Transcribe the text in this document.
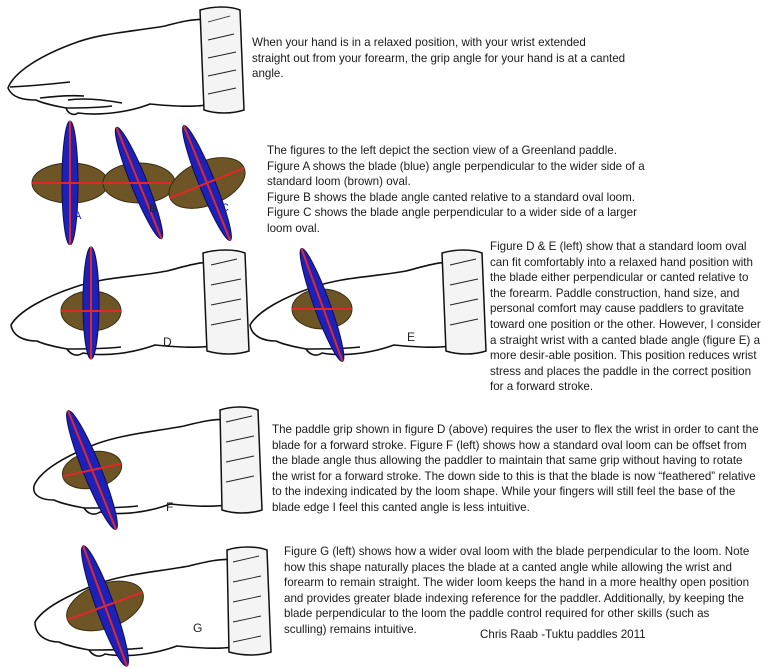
When your hand is in a relaxed position, with your wrist extended straight out from your forearm, the grip angle for your hand is at a canted angle.

The figures to the left depict the section view of a Greenland paddle.

Figure A shows the blade (blue) angle perpendicular to the wider side of a standard loom (brown) oval.

Figure B shows the blade angle canted relative to a standard oval loom.

Figure C shows the blade angle perpendicular to a wider side of a larger loom oval.

Figure D & E (left) show that a standard loom oval can fit comfortably into a relaxed hand position with the blade either perpendicular or canted relative to the forearm. Paddle construction, hand size, and personal comfort may cause paddlers to gravitate toward one position or the other. However, I consider a straight wrist with a canted blade angle (figure E) a more desir-able position. This position reduces wrist stress and places the paddle in the correct position for a forward stroke.

The paddle grip shown in figure D (above) requires the user to flex the wrist in order to cant the blade for a forward stroke. Figure F (left) shows how a standard oval loom can be offset from the blade angle thus allowing the paddler to maintain that same grip without having to rotate the wrist for a forward stroke. The down side to this is that the blade is now “feathered” relative to the indexing indicated by the loom shape. While your fingers will still feel the base of the blade edge I feel this canted angle is less intuitive.

Figure G (left) shows how a wider oval loom with the blade perpendicular to the loom. Note how this shape naturally places the blade at a canted angle while allowing the wrist and forearm to remain straight. The wider loom keeps the hand in a more healthy open position and provides greater blade indexing reference for the paddler. Additionally, by keeping the blade perpendicular to the loom the paddle control required for other skills (such as sculling) remains intuitive.	Chris Raab -Tuktu paddles 2011

A
B	C
D	E
F
G
